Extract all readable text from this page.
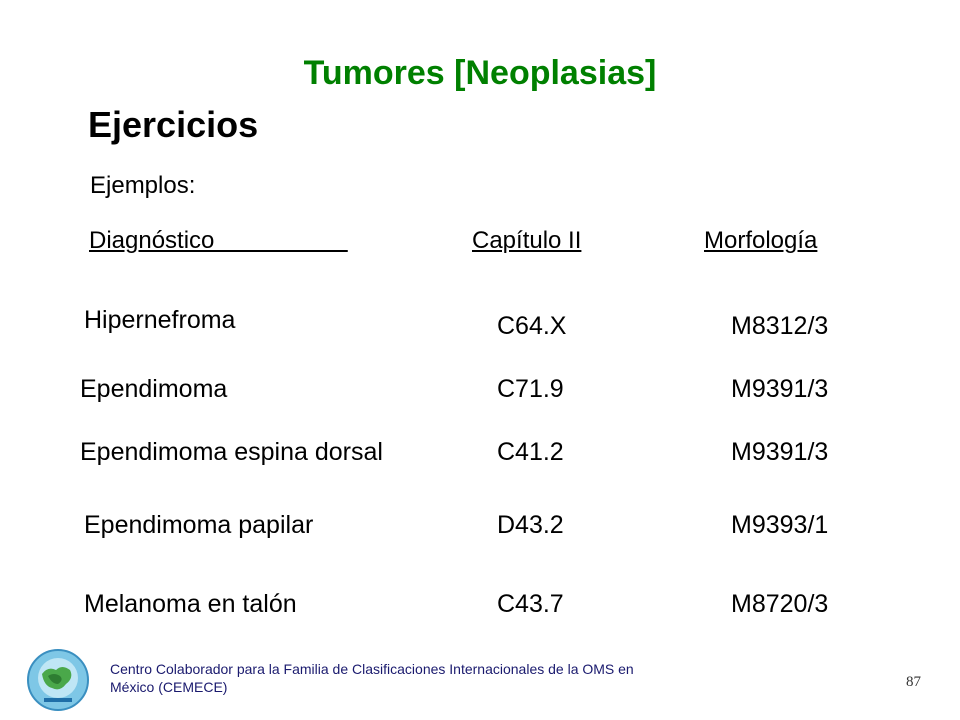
Tumores [Neoplasias]
Ejercicios
Ejemplos:
Diagnóstico	Capítulo II	Morfología
Hipernefroma	C64.X	M8312/3
Ependimoma	C71.9	M9391/3
Ependimoma espina dorsal	C41.2	M9391/3
Ependimoma papilar	D43.2	M9393/1
Melanoma en talón	C43.7	M8720/3
Centro Colaborador para la Familia de Clasificaciones Internacionales de la OMS en México (CEMECE)	87
